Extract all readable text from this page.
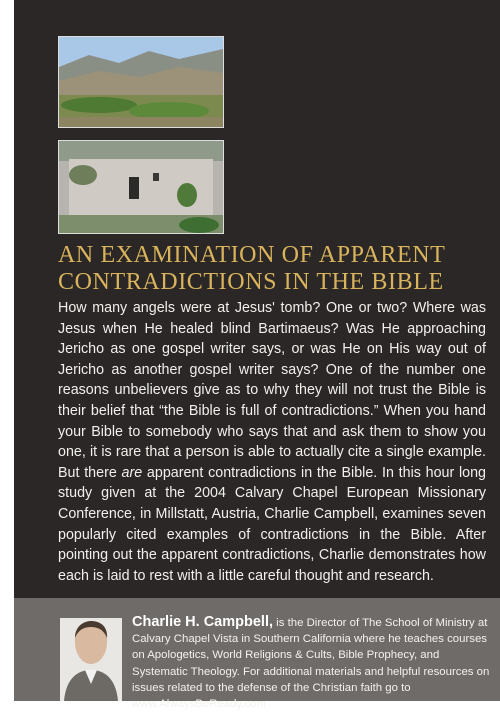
AN EXAMINATION OF APPARENT CONTRADICTIONS IN THE BIBLE

How many angels were at Jesus' tomb? One or two? Where was Jesus when He healed blind Bartimaeus? Was He approaching Jericho as one gospel writer says, or was He on His way out of Jericho as another gospel writer says? One of the number one reasons unbelievers give as to why they will not trust the Bible is their belief that “the Bible is full of contradictions.” When you hand your Bible to somebody who says that and ask them to show you one, it is rare that a person is able to actually cite a single example. But there are apparent contradictions in the Bible. In this hour long study given at the 2004 Calvary Chapel European Missionary Conference, in Millstatt, Austria, Charlie Campbell, examines seven popularly cited examples of contradictions in the Bible. After pointing out the apparent contradictions, Charlie demonstrates how each is laid to rest with a little careful thought and research.

Charlie H. Campbell, is the Director of The School of Ministry at Calvary Chapel Vista in Southern California where he teaches courses on Apologetics, World Religions & Cults, Bible Prophecy, and Systematic Theology. For additional materials and helpful resources on issues related to the defense of the Christian faith go to www.AlwaysBeReady.com
